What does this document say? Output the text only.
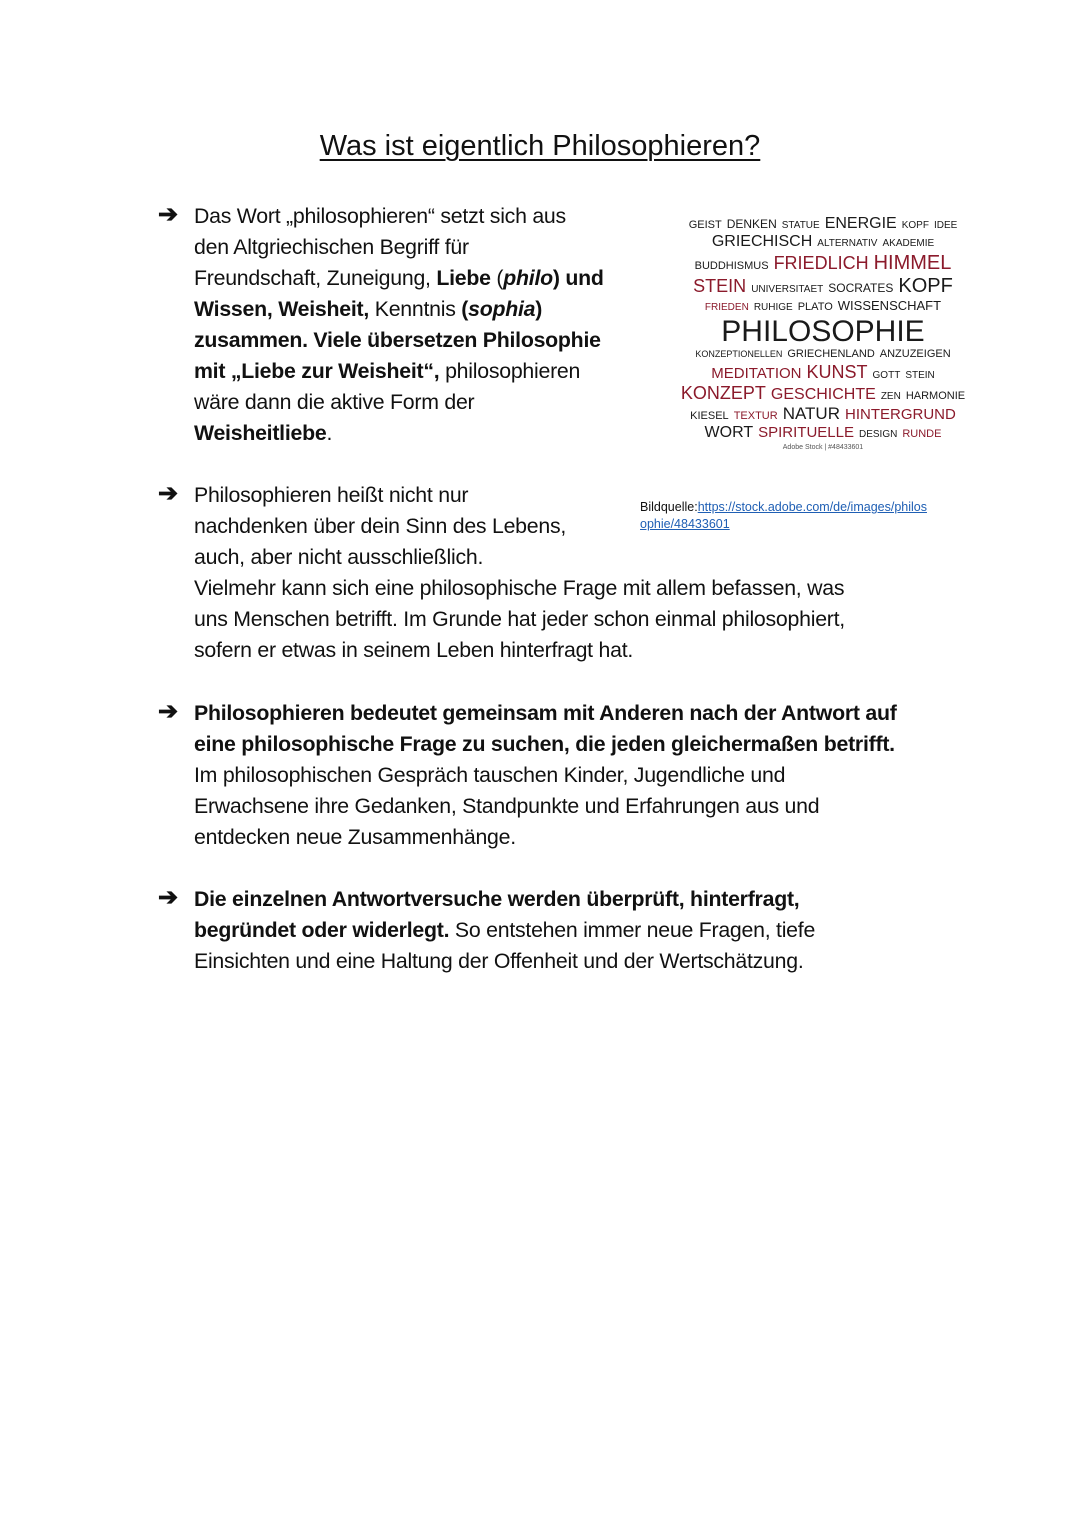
Was ist eigentlich Philosophieren?
➔ Das Wort „philosophieren“ setzt sich aus
den Altgriechischen Begriff für
Freundschaft, Zuneigung, Liebe (philo) und
Wissen, Weisheit, Kenntnis (sophia)
zusammen. Viele übersetzen Philosophie
mit „Liebe zur Weisheit“, philosophieren
wäre dann die aktive Form der
Weisheitliebe.
➔ Philosophieren heißt nicht nur
nachdenken über dein Sinn des Lebens,
auch, aber nicht ausschließlich.
Vielmehr kann sich eine philosophische Frage mit allem befassen, was
uns Menschen betrifft. Im Grunde hat jeder schon einmal philosophiert,
sofern er etwas in seinem Leben hinterfragt hat.
➔ Philosophieren bedeutet gemeinsam mit Anderen nach der Antwort auf
eine philosophische Frage zu suchen, die jeden gleichermaßen betrifft.
Im philosophischen Gespräch tauschen Kinder, Jugendliche und
Erwachsene ihre Gedanken, Standpunkte und Erfahrungen aus und
entdecken neue Zusammenhänge.
➔ Die einzelnen Antwortversuche werden überprüft, hinterfragt,
begründet oder widerlegt. So entstehen immer neue Fragen, tiefe
Einsichten und eine Haltung der Offenheit und der Wertschätzung.
GEIST DENKEN STATUE ENERGIE KOPF IDEE
GRIECHISCH ALTERNATIV AKADEMIE
BUDDHISMUS FRIEDLICH HIMMEL
STEIN UNIVERSITAET SOCRATES KOPF
FRIEDEN RUHIGE PLATO WISSENSCHAFT
PHILOSOPHIE
KONZEPTIONELLEN GRIECHENLAND ANZUZEIGEN
MEDITATION KUNST GOTT STEIN
KONZEPT GESCHICHTE ZEN HARMONIE
KIESEL TEXTUR NATUR HINTERGRUND
WORT SPIRITUELLE DESIGN RUNDE
Adobe Stock | #48433601
Bildquelle:https://stock.adobe.com/de/images/philos
ophie/48433601
